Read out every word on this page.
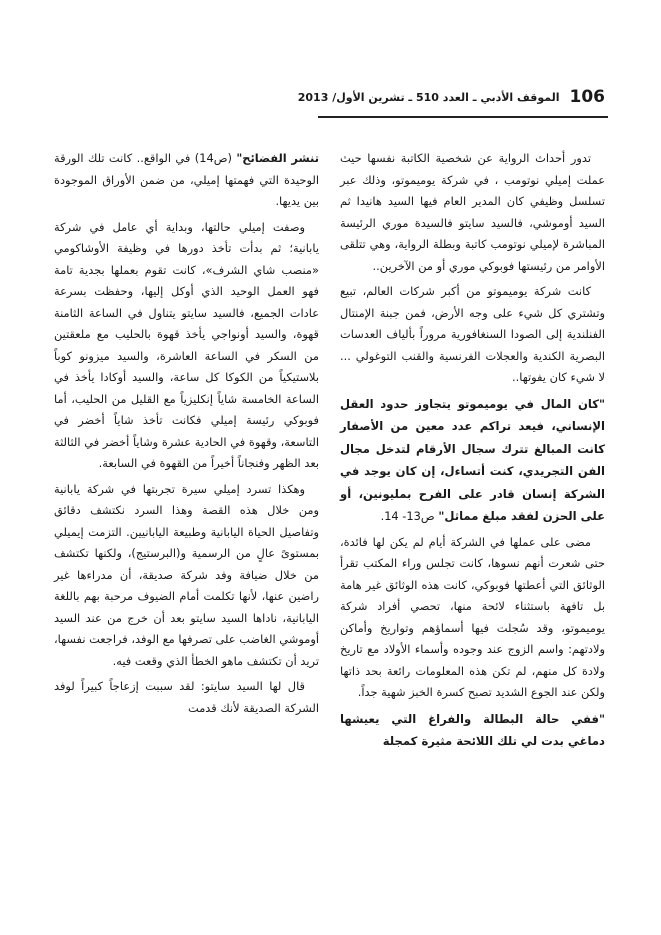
106
الموقف الأدبي ـ العدد 510 ـ تشرين الأول/ 2013

تدور أحداث الرواية عن شخصية الكاتبة نفسها حيث عملت إميلي نوتومب ، في شركة يوميموتو، وذلك عبر تسلسل وظيفي كان المدير العام فيها السيد هانيدا ثم السيد أوموشي، فالسيد سايتو فالسيدة موري الرئيسة المباشرة لإميلي نوتومب كاتبة وبطلة الرواية، وهي تتلقى الأوامر من رئيستها فوبوكي موري أو من الآخرين..

كانت شركة يوميموتو من أكبر شركات العالم، تبيع وتشتري كل شيء على وجه الأرض، فمن جبنة الإمنتال الفنلندية إلى الصودا السنغافورية مروراً بألياف العدسات البصرية الكندية والعجلات الفرنسية والقنب التوغولي ... لا شيء كان يفوتها..

"كان المال في يوميموتو يتجاوز حدود العقل الإنساني، فيعد تراكم عدد معين من الأصفار كانت المبالغ تترك سجال الأرقام لتدخل مجال الفن التجريدي، كنت أتساءل، إن كان يوجد في الشركة إنسان قادر على الفرح بمليونين، أو على الحزن لفقد مبلغ مماثل" ص13- 14.

مضى على عملها في الشركة أيام لم يكن لها فائدة، حتى شعرت أنهم نسوها، كانت تجلس وراء المكتب تقرأ الوثائق التي أعطتها فوبوكي، كانت هذه الوثائق غير هامة بل تافهة باستثناء لائحة منها، تحصي أفراد شركة يوميموتو، وقد سُجلت فيها أسماؤهم وتواريخ وأماكن ولادتهم: واسم الزوج عند وجوده وأسماء الأولاد مع تاريخ ولادة كل منهم، لم تكن هذه المعلومات رائعة بحد ذاتها ولكن عند الجوع الشديد تصبح كسرة الخبز شهية جداً.

"ففي حالة البطالة والفراغ التي يعيشها دماغي بدت لي تلك اللائحة مثيرة كمجلة

تنشر الفضائح" (ص14) في الواقع.. كانت تلك الورقة الوحيدة التي فهمتها إميلي، من ضمن الأوراق الموجودة بين يديها.

وصفت إميلي حالتها، وبداية أي عامل في شركة يابانية؛ ثم بدأت تأخذ دورها في وظيفة الأوشاكومي «منصب شاي الشرف»، كانت تقوم بعملها بجدية تامة فهو العمل الوحيد الذي أوكل إليها، وحفظت بسرعة عادات الجميع، فالسيد سايتو يتناول في الساعة الثامنة قهوة، والسيد أونواجي يأخذ قهوة بالحليب مع ملعقتين من السكر في الساعة العاشرة، والسيد ميزونو كوباً بلاستيكياً من الكوكا كل ساعة، والسيد أوكادا يأخذ في الساعة الخامسة شاياً إنكليزياً مع القليل من الحليب، أما فوبوكي رئيسة إميلي فكانت تأخذ شاياً أخضر في التاسعة، وقهوة في الحادية عشرة وشاياً أخضر في الثالثة بعد الظهر وفنجاناً أخيراً من القهوة في السابعة.

وهكذا تسرد إميلي سيرة تجربتها في شركة يابانية ومن خلال هذه القصة وهذا السرد نكتشف دقائق وتفاصيل الحياة اليابانية وطبيعة اليابانيين. التزمت إيميلي بمستوىً عالٍ من الرسمية و(البرستيج)، ولكنها تكتشف من خلال ضيافة وفد شركة صديقة، أن مدراءها غير راضين عنها، لأنها تكلمت أمام الضيوف مرحبة بهم باللغة اليابانية، ناداها السيد سايتو بعد أن خرج من عند السيد أوموشي الغاضب على تصرفها مع الوفد، فراجعت نفسها، تريد أن تكتشف ماهو الخطأ الذي وقعت فيه.

قال لها السيد سايتو: لقد سببت إزعاجاً كبيراً لوفد الشركة الصديقة لأنك قدمت
